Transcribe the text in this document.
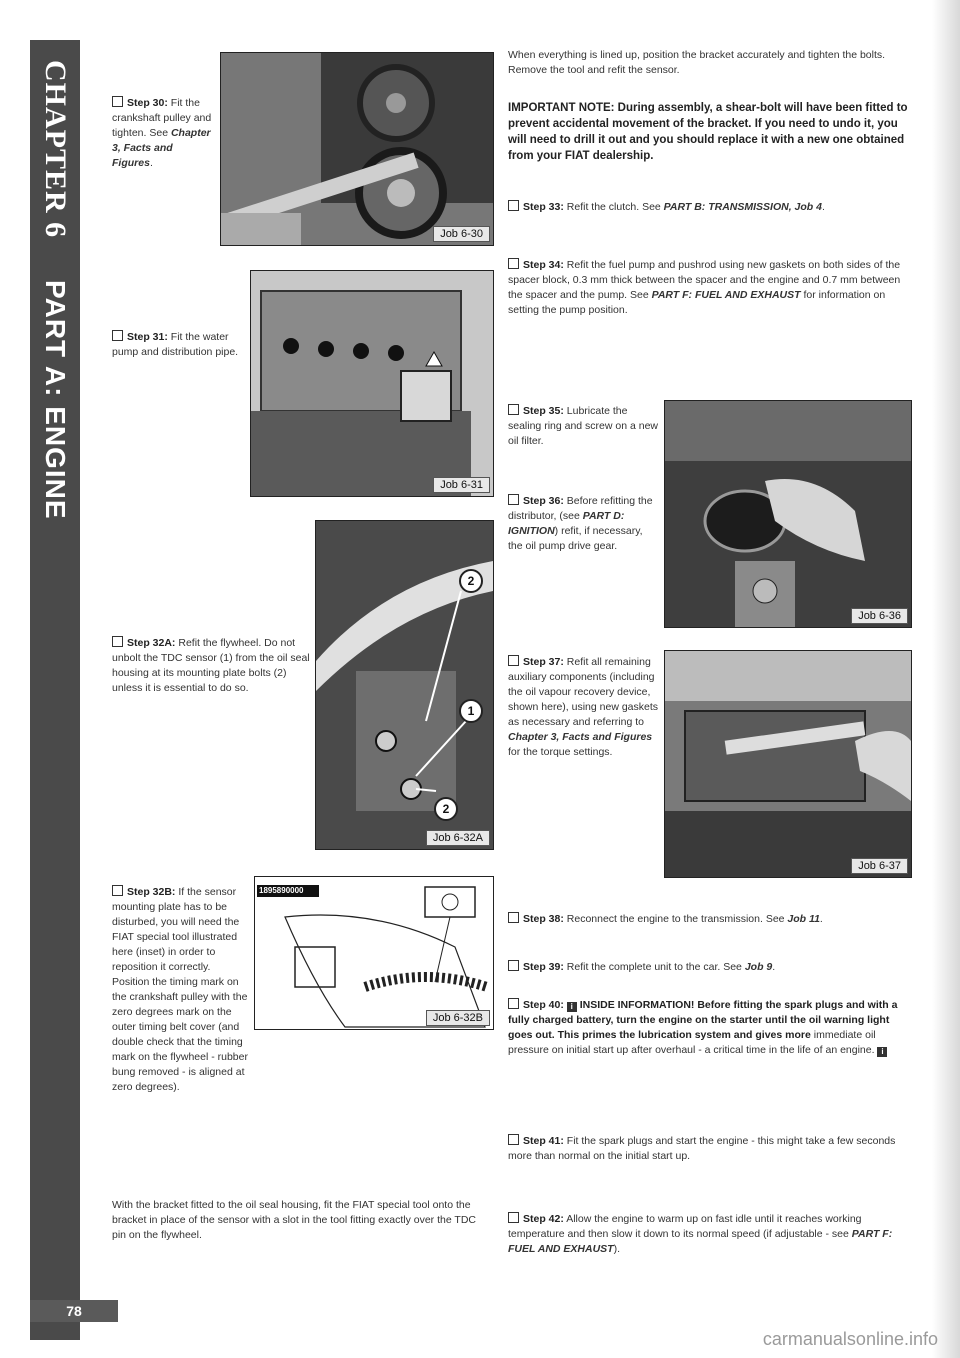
CHAPTER 6
PART A: ENGINE
Step 30: Fit the crankshaft pulley and tighten. See Chapter 3, Facts and Figures.
Job 6-30
Step 31: Fit the water pump and distribution pipe.
Job 6-31
Step 32A: Refit the flywheel. Do not unbolt the TDC sensor (1) from the oil seal housing at its mounting plate bolts (2) unless it is essential to do so.
2
1
2
Job 6-32A
Step 32B: If the sensor mounting plate has to be disturbed, you will need the FIAT special tool illustrated here (inset) in order to reposition it correctly. Position the timing mark on the crankshaft pulley with the zero degrees mark on the outer timing belt cover (and double check that the timing mark on the flywheel - rubber bung removed - is aligned at zero degrees).
1895890000
Job 6-32B
With the bracket fitted to the oil seal housing, fit the FIAT special tool onto the bracket in place of the sensor with a slot in the tool fitting exactly over the TDC pin on the flywheel.
When everything is lined up, position the bracket accurately and tighten the bolts. Remove the tool and refit the sensor.
IMPORTANT NOTE: During assembly, a shear-bolt will have been fitted to prevent accidental movement of the bracket. If you need to undo it, you will need to drill it out and you should replace it with a new one obtained from your FIAT dealership.
Step 33: Refit the clutch. See PART B: TRANSMISSION, Job 4.
Step 34: Refit the fuel pump and pushrod using new gaskets on both sides of the spacer block, 0.3 mm thick between the spacer and the engine and 0.7 mm between the spacer and the pump. See PART F: FUEL AND EXHAUST for information on setting the pump position.
Step 35: Lubricate the sealing ring and screw on a new oil filter.
Step 36: Before refitting the distributor, (see PART D: IGNITION) refit, if necessary, the oil pump drive gear.
Job 6-36
Step 37: Refit all remaining auxiliary components (including the oil vapour recovery device, shown here), using new gaskets as necessary and referring to Chapter 3, Facts and Figures for the torque settings.
Job 6-37
Step 38: Reconnect the engine to the transmission. See Job 11.
Step 39: Refit the complete unit to the car. See Job 9.
Step 40: i INSIDE INFORMATION! Before fitting the spark plugs and with a fully charged battery, turn the engine on the starter until the oil warning light goes out. This primes the lubrication system and gives more immediate oil pressure on initial start up after overhaul - a critical time in the life of an engine. i
Step 41: Fit the spark plugs and start the engine - this might take a few seconds more than normal on the initial start up.
Step 42: Allow the engine to warm up on fast idle until it reaches working temperature and then slow it down to its normal speed (if adjustable - see PART F: FUEL AND EXHAUST).
78
carmanualsonline.info
